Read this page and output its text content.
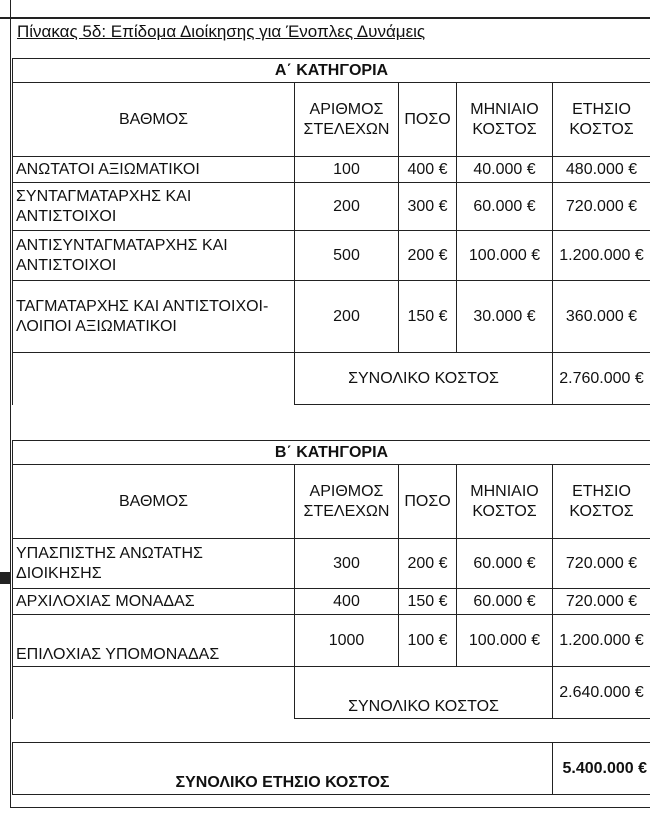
Πίνακας 5δ: Επίδομα Διοίκησης για Ένοπλες Δυνάμεις
Α΄ ΚΑΤΗΓΟΡΙΑ				
ΒΑΘΜΟΣ	ΑΡΙΘΜΟΣ ΣΤΕΛΕΧΩΝ	ΠΟΣΟ	ΜΗΝΙΑΙΟ ΚΟΣΤΟΣ	ΕΤΗΣΙΟ ΚΟΣΤΟΣ
ΑΝΩΤΑΤΟΙ ΑΞΙΩΜΑΤΙΚΟΙ	100	400 €	40.000 €	480.000 €
ΣΥΝΤΑΓΜΑΤΑΡΧΗΣ ΚΑΙ ΑΝΤΙΣΤΟΙΧΟΙ	200	300 €	60.000 €	720.000 €
ΑΝΤΙΣΥΝΤΑΓΜΑΤΑΡΧΗΣ ΚΑΙ ΑΝΤΙΣΤΟΙΧΟΙ	500	200 €	100.000 €	1.200.000 €
ΤΑΓΜΑΤΑΡΧΗΣ ΚΑΙ ΑΝΤΙΣΤΟΙΧΟΙ-ΛΟΙΠΟΙ ΑΞΙΩΜΑΤΙΚΟΙ	200	150 €	30.000 €	360.000 €
	ΣΥΝΟΛΙΚΟ ΚΟΣΤΟΣ			2.760.000 €
Β΄ ΚΑΤΗΓΟΡΙΑ				
ΒΑΘΜΟΣ	ΑΡΙΘΜΟΣ ΣΤΕΛΕΧΩΝ	ΠΟΣΟ	ΜΗΝΙΑΙΟ ΚΟΣΤΟΣ	ΕΤΗΣΙΟ ΚΟΣΤΟΣ
ΥΠΑΣΠΙΣΤΗΣ ΑΝΩΤΑΤΗΣ ΔΙΟΙΚΗΣΗΣ	300	200 €	60.000 €	720.000 €
ΑΡΧΙΛΟΧΙΑΣ ΜΟΝΑΔΑΣ	400	150 €	60.000 €	720.000 €
ΕΠΙΛΟΧΙΑΣ ΥΠΟΜΟΝΑΔΑΣ	1000	100 €	100.000 €	1.200.000 €
	ΣΥΝΟΛΙΚΟ ΚΟΣΤΟΣ			2.640.000 €
ΣΥΝΟΛΙΚΟ ΕΤΗΣΙΟ ΚΟΣΤΟΣ	5.400.000 €
